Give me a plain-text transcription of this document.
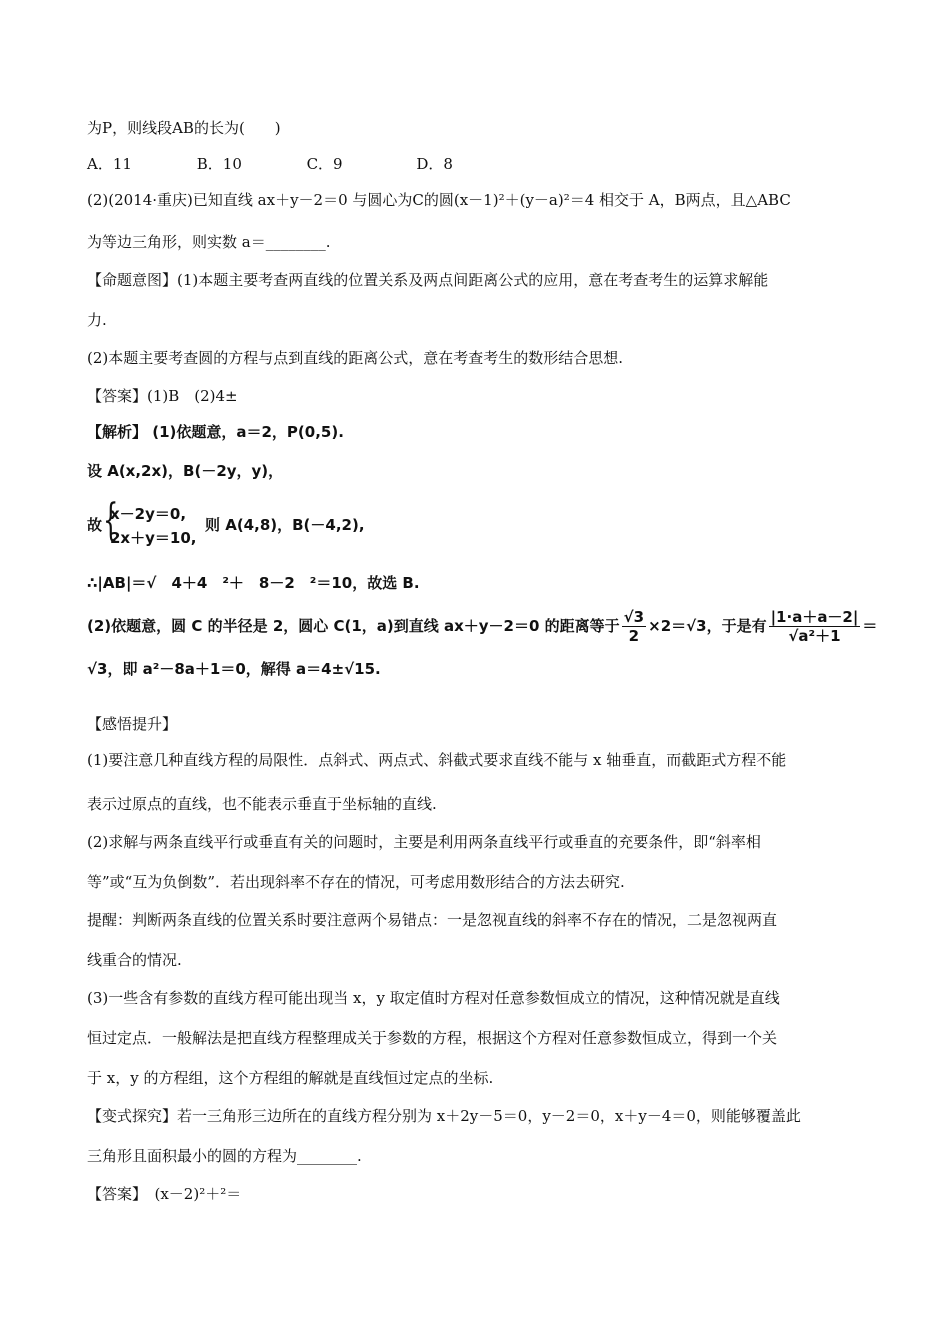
为P，则线段AB的长为(　　)
A．11	B．10	C．9	D．8
(2)(2014·重庆)已知直线 ax＋y－2＝0 与圆心为C的圆(x－1)²＋(y－a)²＝4 相交于 A，B两点，且△ABC
为等边三角形，则实数 a＝________.
【命题意图】(1)本题主要考查两直线的位置关系及两点间距离公式的应用，意在考查考生的运算求解能
力.
(2)本题主要考查圆的方程与点到直线的距离公式，意在考查考生的数形结合思想.
【答案】(1)B　(2)4±
【解析】 (1)依题意，a＝2，P(0,5).
设 A(x,2x)，B(－2y，y)，
故 {
x－2y＝0,
2x＋y＝10,
则 A(4,8)，B(－4,2),
∴|AB|＝√　4＋4　²＋　8－2　²＝10，故选 B.
(2)依题意，圆 C 的半径是 2，圆心 C(1，a)到直线 ax＋y－2＝0 的距离等于 $\frac{√3}{2} \times 2=√3$，于是有 $\frac{|1\cdot a+a-2|}{\text{√a²＋1}}$ ＝
√3，即 a²－8a＋1＝0，解得 a＝4±√15.
【感悟提升】
(1)要注意几种直线方程的局限性．点斜式、两点式、斜截式要求直线不能与 x 轴垂直，而截距式方程不能
表示过原点的直线，也不能表示垂直于坐标轴的直线.
(2)求解与两条直线平行或垂直有关的问题时，主要是利用两条直线平行或垂直的充要条件，即“斜率相
等”或“互为负倒数”．若出现斜率不存在的情况，可考虑用数形结合的方法去研究.
提醒：判断两条直线的位置关系时要注意两个易错点：一是忽视直线的斜率不存在的情况，二是忽视两直
线重合的情况.
(3)一些含有参数的直线方程可能出现当 x，y 取定值时方程对任意参数恒成立的情况，这种情况就是直线
恒过定点．一般解法是把直线方程整理成关于参数的方程，根据这个方程对任意参数恒成立，得到一个关
于 x，y 的方程组，这个方程组的解就是直线恒过定点的坐标.
【变式探究】若一三角形三边所在的直线方程分别为 x＋2y－5＝0，y－2＝0，x＋y－4＝0，则能够覆盖此
三角形且面积最小的圆的方程为________.
【答案】　(x－2)²＋²＝
